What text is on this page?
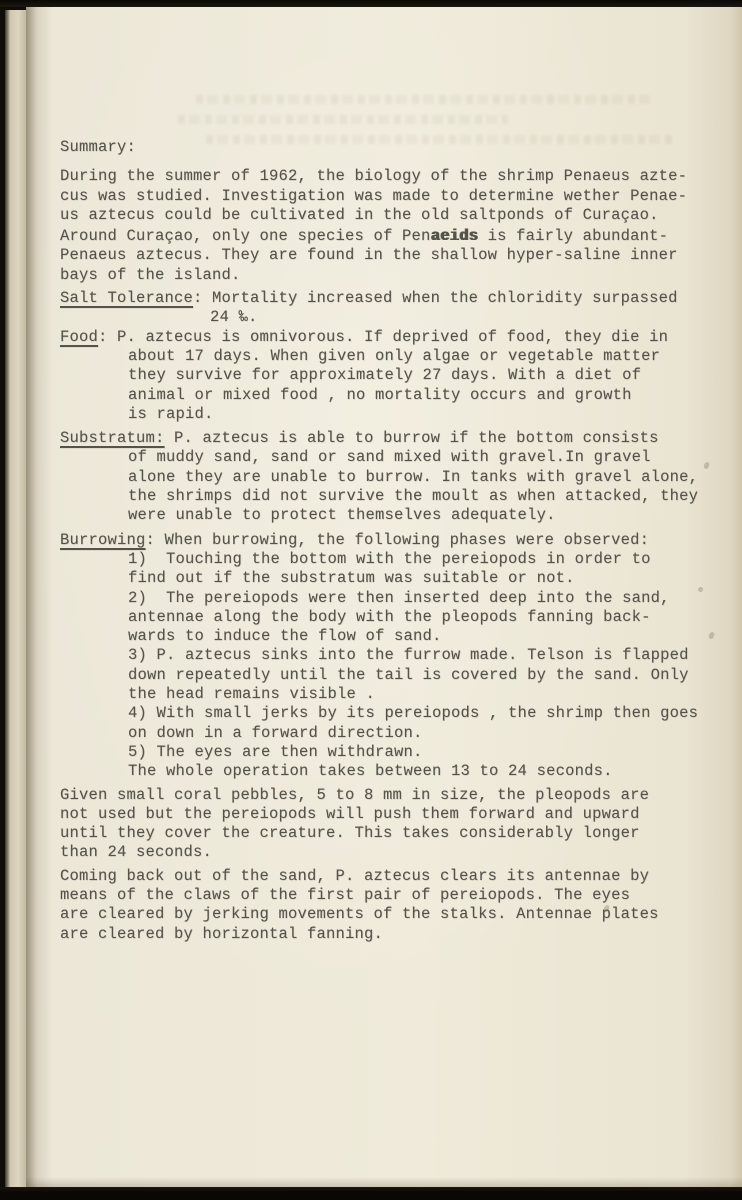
Summary:
During the summer of 1962, the biology of the shrimp Penaeus azte-
cus was studied. Investigation was made to determine wether Penae-
us aztecus could be cultivated in the old saltponds of Curaçao.
Around Curaçao, only one species of Penaeids is fairly abundant-
Penaeus aztecus. They are found in the shallow hyper-saline inner
bays of the island.
Salt Tolerance: Mortality increased when the chloridity surpassed
24 ‰.
Food: P. aztecus is omnivorous. If deprived of food, they die in
about 17 days. When given only algae or vegetable matter
they survive for approximately 27 days. With a diet of
animal or mixed food , no mortality occurs and growth
is rapid.
Substratum: P. aztecus is able to burrow if the bottom consists
of muddy sand, sand or sand mixed with gravel.In gravel
alone they are unable to burrow. In tanks with gravel alone,
the shrimps did not survive the moult as when attacked, they
were unable to protect themselves adequately.
Burrowing: When burrowing, the following phases were observed:
1)  Touching the bottom with the pereiopods in order to
find out if the substratum was suitable or not.
2)  The pereiopods were then inserted deep into the sand,
antennae along the body with the pleopods fanning back-
wards to induce the flow of sand.
3) P. aztecus sinks into the furrow made. Telson is flapped
down repeatedly until the tail is covered by the sand. Only
the head remains visible .
4) With small jerks by its pereiopods , the shrimp then goes
on down in a forward direction.
5) The eyes are then withdrawn.
The whole operation takes between 13 to 24 seconds.
Given small coral pebbles, 5 to 8 mm in size, the pleopods are
not used but the pereiopods will push them forward and upward
until they cover the creature. This takes considerably longer
than 24 seconds.
Coming back out of the sand, P. aztecus clears its antennae by
means of the claws of the first pair of pereiopods. The eyes
are cleared by jerking movements of the stalks. Antennae plates
are cleared by horizontal fanning.
